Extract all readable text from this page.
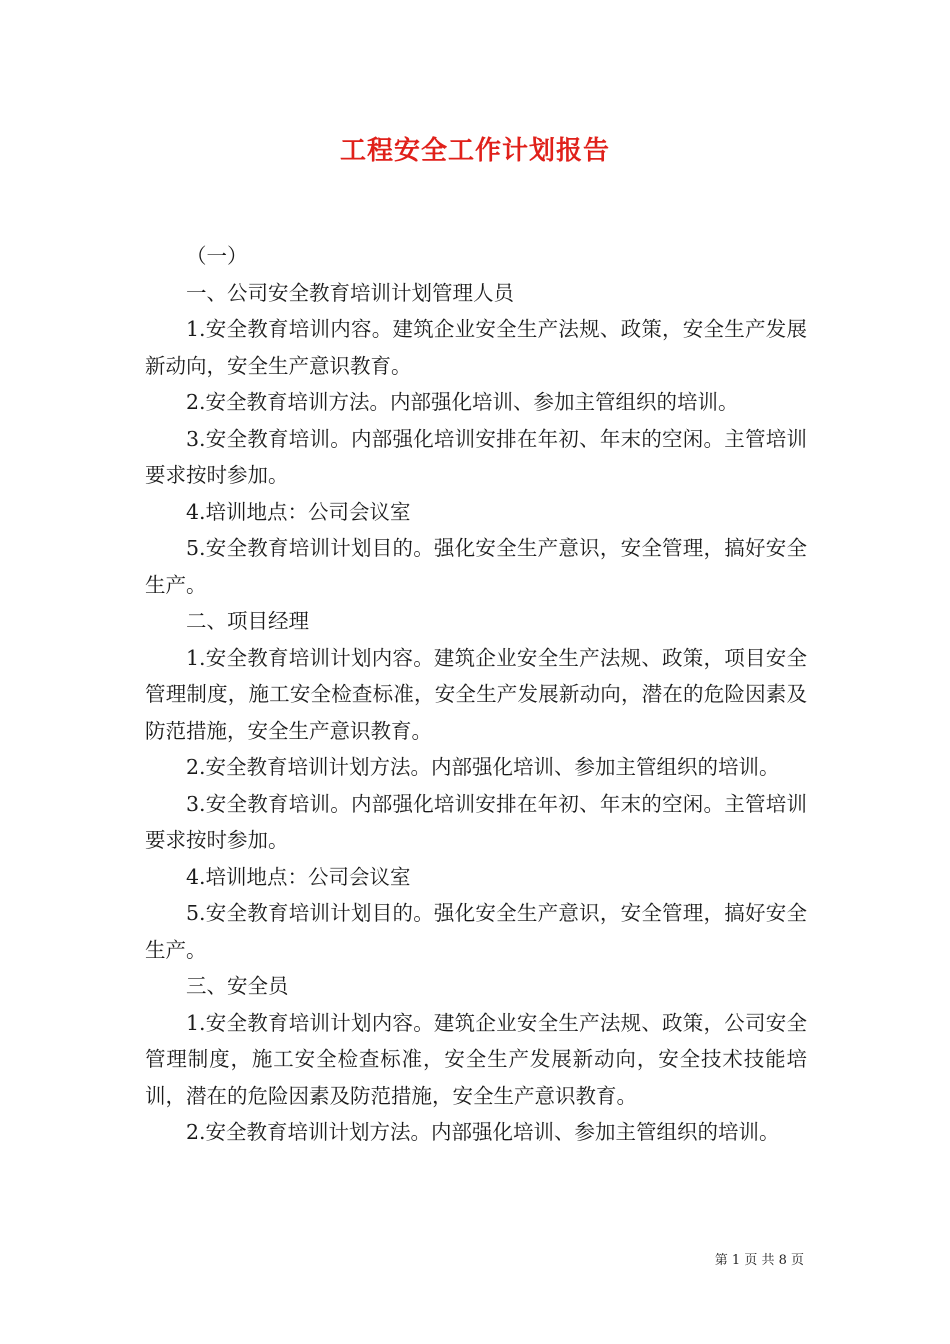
工程安全工作计划报告

（一）

一、公司安全教育培训计划管理人员

1.安全教育培训内容。建筑企业安全生产法规、政策，安全生产发展新动向，安全生产意识教育。

2.安全教育培训方法。内部强化培训、参加主管组织的培训。

3.安全教育培训。内部强化培训安排在年初、年末的空闲。主管培训要求按时参加。

4.培训地点：公司会议室

5.安全教育培训计划目的。强化安全生产意识，安全管理，搞好安全生产。

二、项目经理

1.安全教育培训计划内容。建筑企业安全生产法规、政策，项目安全管理制度，施工安全检查标准，安全生产发展新动向，潜在的危险因素及防范措施，安全生产意识教育。

2.安全教育培训计划方法。内部强化培训、参加主管组织的培训。

3.安全教育培训。内部强化培训安排在年初、年末的空闲。主管培训要求按时参加。

4.培训地点：公司会议室

5.安全教育培训计划目的。强化安全生产意识，安全管理，搞好安全生产。

三、安全员

1.安全教育培训计划内容。建筑企业安全生产法规、政策，公司安全管理制度，施工安全检查标准，安全生产发展新动向，安全技术技能培训，潜在的危险因素及防范措施，安全生产意识教育。

2.安全教育培训计划方法。内部强化培训、参加主管组织的培训。

第 1 页 共 8 页
